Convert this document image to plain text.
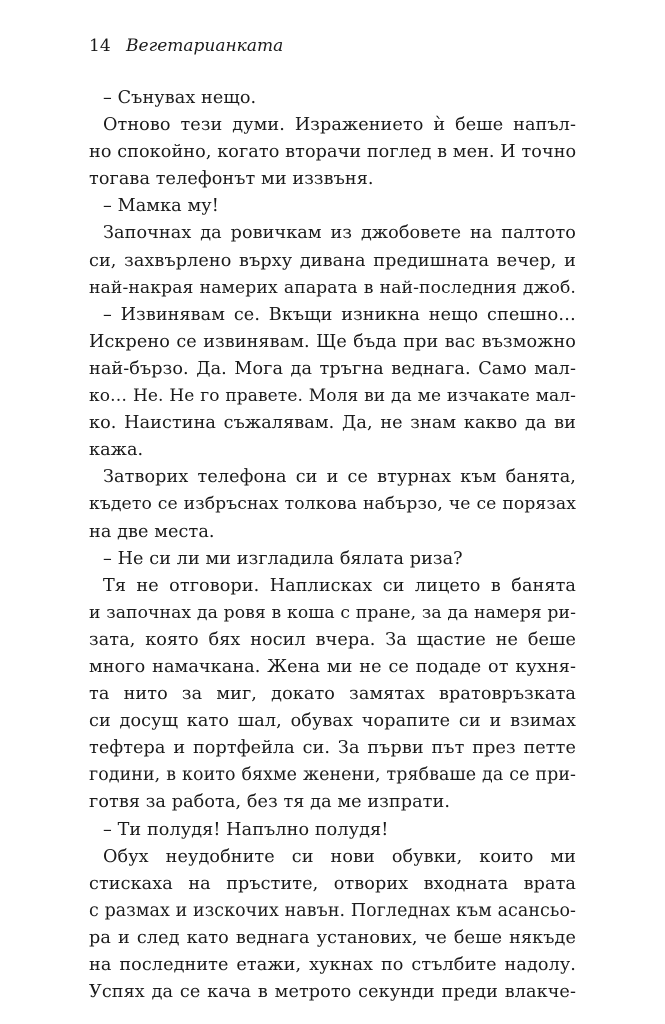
14 Вегетарианката
– Сънувах нещо.
Отново тези думи. Изражението ѝ беше напъл-
но спокойно, когато вторачи поглед в мен. И точно
тогава телефонът ми иззвъня.
– Мамка му!
Започнах да ровичкам из джобовете на палтото
си, захвърлено върху дивана предишната вечер, и
най-накрая намерих апарата в най-последния джоб.
– Извинявам се. Вкъщи изникна нещо спешно…
Искрено се извинявам. Ще бъда при вас възможно
най-бързо. Да. Мога да тръгна веднага. Само мал-
ко… Не. Не го правете. Моля ви да ме изчакате мал-
ко. Наистина съжалявам. Да, не знам какво да ви
кажа.
Затворих телефона си и се втурнах към банята,
където се избръснах толкова набързо, че се порязах
на две места.
– Не си ли ми изгладила бялата риза?
Тя не отговори. Наплисках си лицето в банята
и започнах да ровя в коша с пране, за да намеря ри-
зата, която бях носил вчера. За щастие не беше
много намачкана. Жена ми не се подаде от кухня-
та нито за миг, докато замятах вратовръзката
си досущ като шал, обувах чорапите си и взимах
тефтера и портфейла си. За първи път през петте
години, в които бяхме женени, трябваше да се при-
готвя за работа, без тя да ме изпрати.
– Ти полудя! Напълно полудя!
Обух неудобните си нови обувки, които ми
стискаха на пръстите, отворих входната врата
с размах и изскочих навън. Погледнах към асансьо-
ра и след като веднага установих, че беше някъде
на последните етажи, хукнах по стълбите надолу.
Успях да се кача в метрото секунди преди влакче-
